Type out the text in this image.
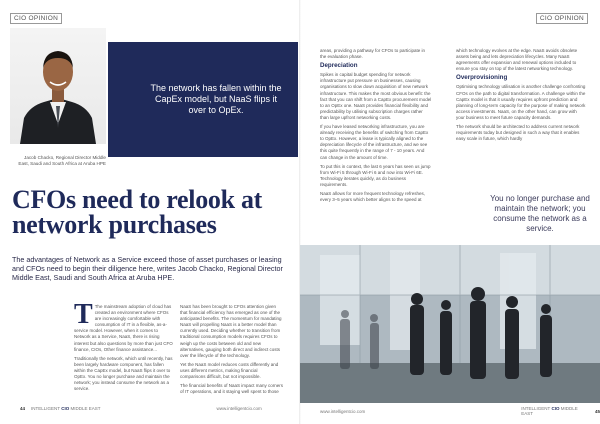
CIO OPINION
Jacob Chacko, Regional Director Middle East, Saudi and South Africa at Aruba HPE
The network has fallen within the CapEx model, but NaaS flips it over to OpEx.
CFOs need to relook at network purchases
The advantages of Network as a Service exceed those of asset purchases or leasing and CFOs need to begin their diligence here, writes Jacob Chacko, Regional Director Middle East, Saudi and South Africa at Aruba HPE.
T The mainstream adoption of cloud has created an environment where CFOs are increasingly comfortable with consumption of IT in a flexible, as-a-service model. However, when it comes to Network as a Service, NaaS, there is rising interest but also questions by more than just CFO finance, CIOs, Other finance assistance...

Traditionally the network, which until recently, has been largely hardware component, has fallen within the CapEx model, but NaaS flips it over to OpEx. You no longer purchase and maintain the network; you instead consume the network as a service.

NaaS has been brought to CFOs attention given that financial efficiency has emerged as one of the anticipated benefits. The momentum for mandating NaaS will propelling NaaS is a better model than currently used. Deciding whether to transition from traditional consumption models requires CFOs to weigh up the costs between old and new alternatives, gauging both direct and indirect costs over the lifecycle of the technology.

Yet the NaaS model reduces costs differently and uses different metrics, making financial comparisons difficult, but not impossible.

The financial benefits of NaaS impact many corners of IT operations, and it staying well spent to those

44 INTELLIGENT CIO MIDDLE EAST	www.intelligentcio.com
CIO OPINION

areas, providing a pathway for CFOs to participate in the evaluation phase.

Depreciation

Spikes in capital budget spending for network infrastructure put pressure on businesses, causing organisations to slow down acquisition of new network infrastructure. This makes the most obvious benefit: the fact that you can shift from a CapEx procurement model to an OpEx one. NaaS provides financial flexibility and predictability by utilising subscription charges rather than large upfront networking costs.

If you have leased networking infrastructure, you are already receiving the benefits of switching from CapEx to OpEx. However, a lease is typically aligned to the depreciation lifecycle of the infrastructure, and we see this quite frequently in the range of 7 - 10 years. And can change in the amount of time.

To put this in context, the last 6 years has seen us jump from Wi-Fi 5 through Wi-Fi 6 and now into Wi-Fi 6E. Technology iterates quickly, as do business requirements.

NaaS allows for more frequent technology refreshes, every 3–5 years which better aligns to the speed at

which technology evolves at the edge. NaaS avoids obsolete assets being and lets depreciation lifecycles. Many NaaS agreements offer expansion and renewal options included to ensure you stay on top of the latest networking technology.

Overprovisioning

Optimising technology utilisation is another challenge confronting CFOs on the path to digital transformation. A challenge within the CapEx model is that it usually requires upfront prediction and planning of long-term capacity for the purpose of making network access investments. NaaS, on the other hand, can grow with your business to meet future capacity demands.

The network should be architected to address current network requirements today but designed in such a way that it enables easy scale in future, which hardly

www.intelligentcio.com	INTELLIGENT CIO MIDDLE EAST	45
You no longer purchase and maintain the network; you consume the network as a service.
